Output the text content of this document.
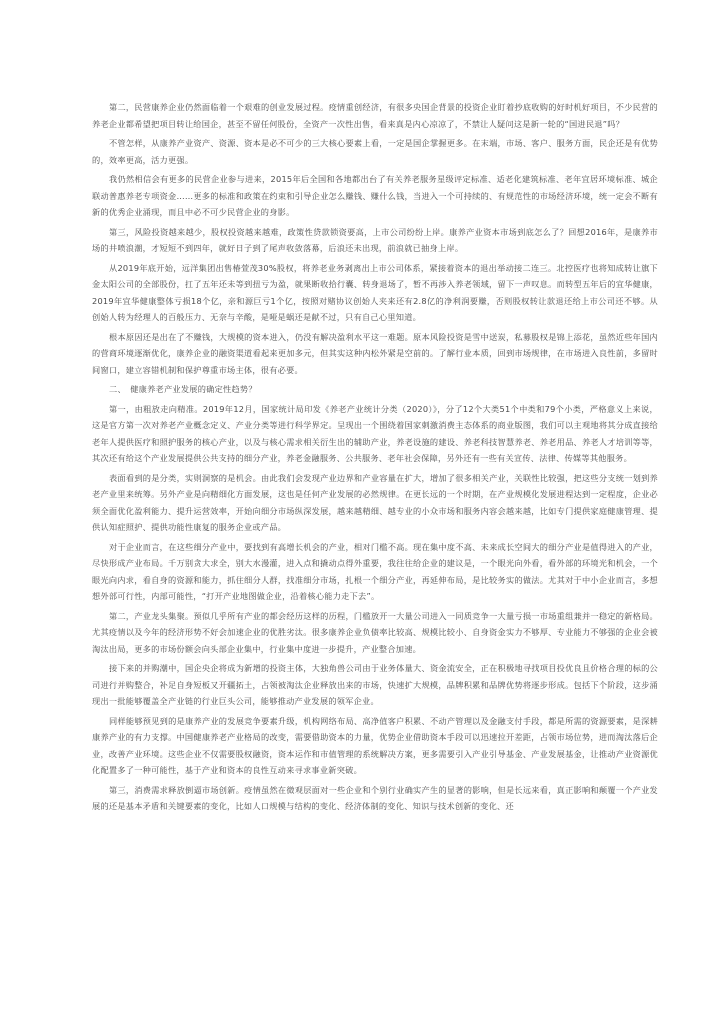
第二，民营康养企业仍然面临着一个艰难的创业发展过程。疫情重创经济，有很多央国企背景的投资企业盯着抄底收购的好时机好项目，不少民营的养老企业都希望把项目转让给国企，甚至不留任何股份，全资产一次性出售，看来真是内心凉凉了，不禁让人疑问这是新一轮的“国进民退”吗？

不管怎样，从康养产业资产、资源、资本是必不可少的三大核心要素上看，一定是国企掌握更多。在末端，市场、客户、服务方面，民企还是有优势的，效率更高，活力更强。

我仍然相信会有更多的民营企业参与进来，2015年后全国和各地都出台了有关养老服务星级评定标准、适老化建筑标准、老年宜居环境标准、城企联动普惠养老专项资金……更多的标准和政策在约束和引导企业怎么赚钱、赚什么钱，当进入一个可持续的、有规范性的市场经济环境，统一定会不断有新的优秀企业涌现，而且中必不可少民营企业的身影。

第三，风险投资越来越少，股权投资越来越难，政策性贷款锁资要高，上市公司纷纷上岸。康养产业资本市场到底怎么了？回想2016年，是康养市场的井喷浪潮，才短短不到四年，就好日子到了尾声收敛落幕，后浪还未出现，前浪就已抽身上岸。

从2019年底开始，远洋集团出售椿萱茂30%股权，将养老业务剥离出上市公司体系，紧接着资本的退出举动接二连三。北控医疗也将知成转让旗下金太阳公司的全部股份，扛了五年还未等到扭亏为盈，就果断收拾行囊、转身退场了，暂不再涉入养老领域，留下一声叹息。而转型五年后的宜华健康，2019年宜华健康整体亏损18个亿，亲和源巨亏1个亿，按照对赌协议创始人夹来还有2.8亿的净利润要赚，否则股权转让款退还给上市公司还不够。从创始人转为经理人的百般压力、无奈与辛酸，是哑是蜗还是献不过，只有自己心里知道。

根本原因还是出在了不赚钱，大规模的资本进入，仍没有解决盈利水平这一难题。原本风险投资是雪中送炭，私募股权是锦上添花，虽然近些年国内的营商环境逐渐优化，康养企业的融资渠道看起来更加多元，但其实这种内松外紧是空前的。了解行业本质，回到市场规律，在市场进入良性前，多留时间窗口，建立容错机制和保护尊重市场主体，很有必要。

二、　健康养老产业发展的确定性趋势？

第一，由粗放走向精准。2019年12月，国家统计局印发《养老产业统计分类（2020）》，分了12个大类51个中类和79个小类，严格意义上来说，这是官方第一次对养老产业概念定义、产业分类等进行科学界定。呈现出一个围绕着国家刺激消费主态体系的商业版图，我们可以主观地将其分成直接给老年人提供医疗和照护服务的核心产业，以及与核心需求相关衍生出的辅助产业，养老设施的建设、养老科技智慧养老、养老用品、养老人才培训等等，其次还有给这个产业发展提供公共支持的细分产业，养老金融服务、公共服务、老年社会保障，另外还有一些有关宣传、法律、传媒等其他服务。

表面看到的是分类，实则洞察的是机会。由此我们会发现产业边界和产业容量在扩大，增加了很多相关产业，关联性比较强，把这些分支统一划到养老产业里来统筹。另外产业是向精细化方面发展，这也是任何产业发展的必然规律。在更长远的一个时期，在产业规模化发展进程达到一定程度，企业必须全面优化盈利能力、提升运营效率，开始向细分市场纵深发展，越来越精细、越专业的小众市场和服务内容会越来越，比如专门提供家庭健康管理、提供认知症照护、提供功能性康复的服务企业或产品。

对于企业而言，在这些细分产业中，要找到有高增长机会的产业，相对门槛不高。现在集中度不高、未来成长空间大的细分产业是值得进入的产业，尽快形成产业布局。千万别贪大求全，别大水漫灌，进入点和撬动点得外重要，我往往给企业的建议是，一个眼光向外看，看外部的环境光和机会，一个眼光向内求，看自身的资源和能力，抓住细分人群，找准细分市场，扎根一个细分产业，再延伸布局，是比较务实的做法。尤其对于中小企业而言，多想想外部可行性，内部可能性，“打开产业地图做企业，沿着核心能力走下去”。

第二，产业龙头集聚。预似几乎所有产业的都会经历这样的历程，门槛放开一大量公司进入一同质竞争一大量亏损一市场重组兼并一稳定的新格局。尤其疫情以及今年的经济形势不好会加速企业的优胜劣汰。很多康养企业负债率比较高、规模比较小、自身资金实力不够厚、专业能力不够强的企业会被淘汰出局，更多的市场份额会向头部企业集中，行业集中度进一步提升，产业整合加速。

接下来的并购潮中，国企央企将成为新增的投资主体，大独角兽公司由于业务体量大、资金流安全，正在积极地寻找项目投优良且价格合理的标的公司进行并购整合，补足自身短板又开疆拓土，占领被淘汰企业释放出来的市场，快速扩大规模，品牌积累和品牌优势将逐步形成。包括下个阶段，这步涌现出一批能够覆盖全产业链的行业巨头公司，能够推动产业发展的领军企业。

同样能够预见到的是康养产业的发展竞争要素升级，机构网络布局、高净值客户积累、不动产管理以及金融支付手段，都是所需的资源要素，是深耕康养产业的有力支撑。中国健康养老产业格局的改变，需要借助资本的力量，优势企业借助资本手段可以迅速拉开差距，占领市场位势，进而淘汰落后企业，改善产业环境。这些企业不仅需要股权融资，资本运作和市值管理的系统解决方案，更多需要引入产业引导基金、产业发展基金，让推动产业资源优化配置多了一种可能性，基于产业和资本的良性互动来寻求事业新突破。

第三，消费需求释放倒逼市场创新。疫情虽然在微观层面对一些企业和个别行业确实产生的显著的影响，但是长远来看，真正影响和颠覆一个产业发展的还是基本矛盾和关键要素的变化，比如人口规模与结构的变化、经济体制的变化、知识与技术创新的变化、还
